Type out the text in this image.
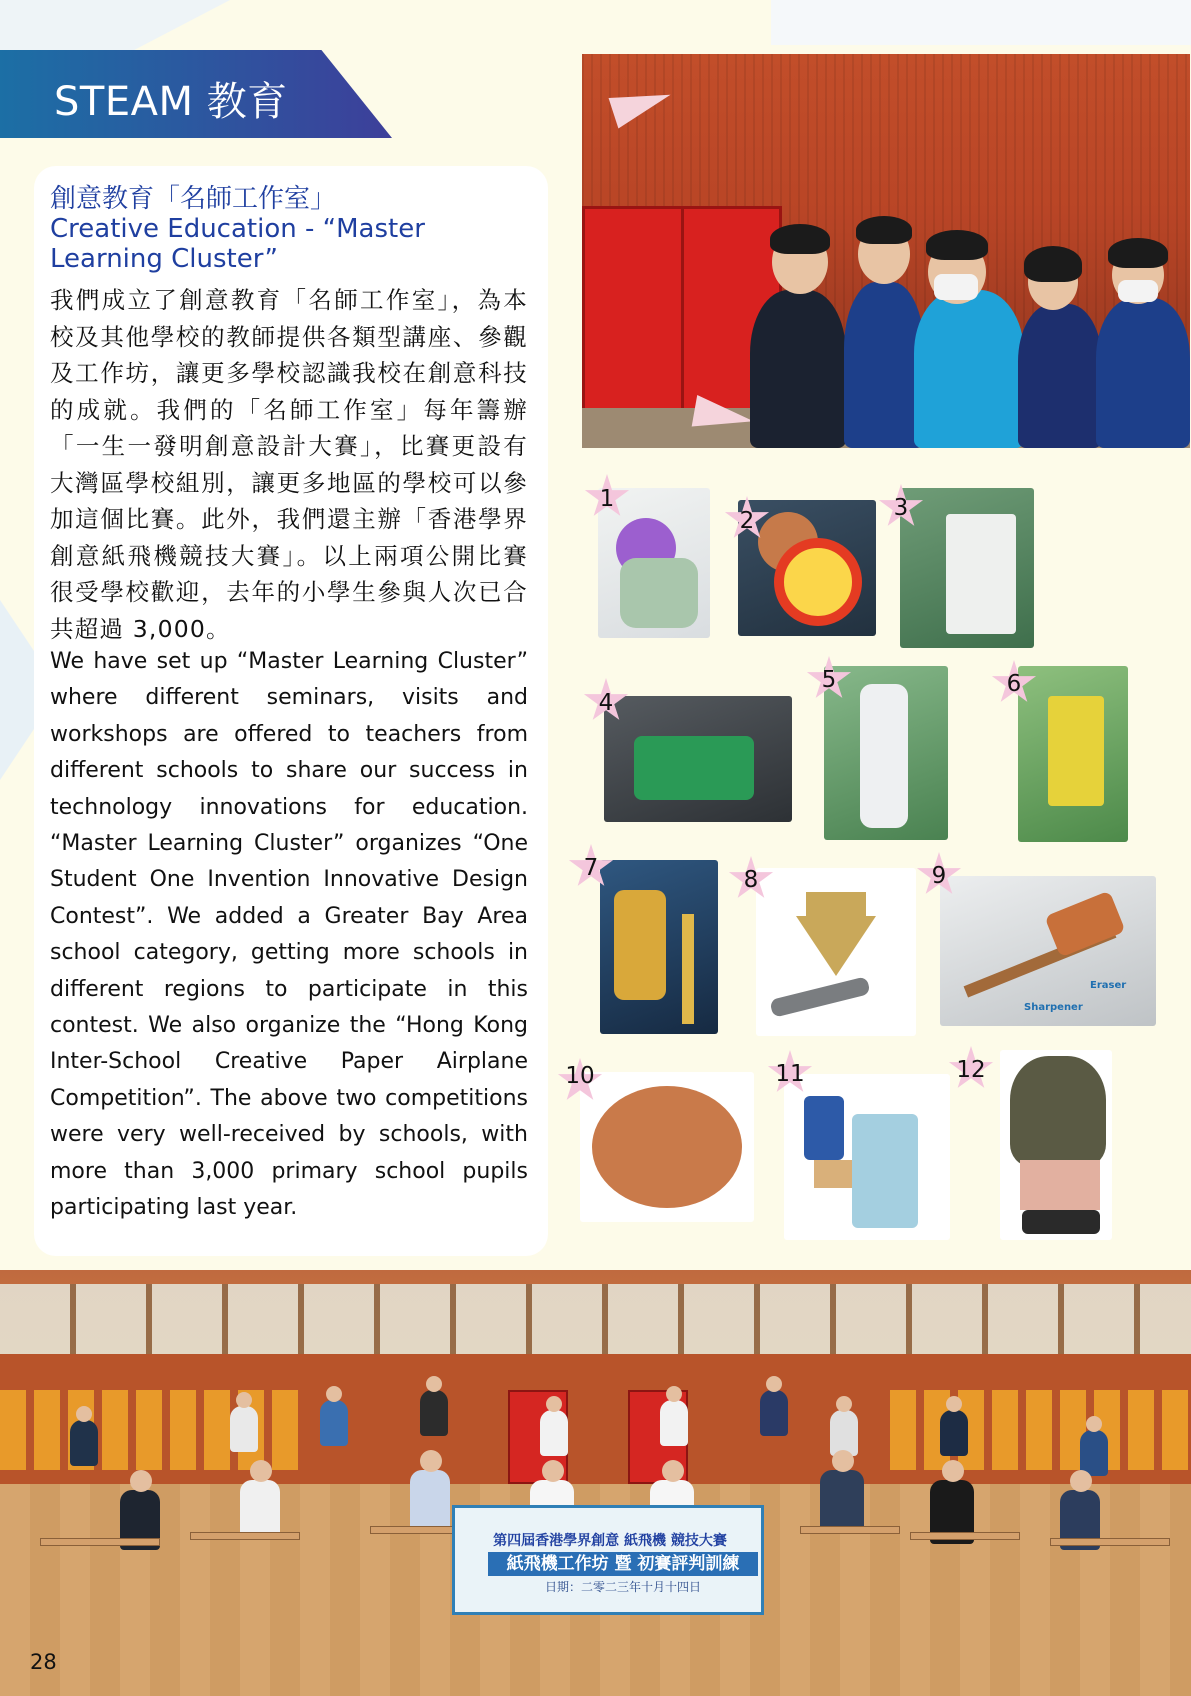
STEAM 教育
創意教育「名師工作室」
Creative Education - “Master Learning Cluster”
我們成立了創意教育「名師工作室」，為本校及其他學校的教師提供各類型講座、參觀及工作坊，讓更多學校認識我校在創意科技的成就。我們的「名師工作室」每年籌辦「一生一發明創意設計大賽」，比賽更設有大灣區學校組別，讓更多地區的學校可以參加這個比賽。此外，我們還主辦「香港學界創意紙飛機競技大賽」。以上兩項公開比賽很受學校歡迎，去年的小學生參與人次已合共超過 3,000。
We have set up “Master Learning Cluster” where different seminars, visits and workshops are offered to teachers from different schools to share our success in technology innovations for education. “Master Learning Cluster” organizes “One Student One Invention Innovative Design Contest”. We added a Greater Bay Area school category, getting more schools in different regions to participate in this contest. We also organize the “Hong Kong Inter-School Creative Paper Airplane Competition”. The above two competitions were very well-received by schools, with more than 3,000 primary school pupils participating last year.
1
2	3
4
5	6
7	8
Eraser
Sharpener
9
10	11	12
第四屆香港學界創意 紙飛機 競技大賽
紙飛機工作坊 暨 初賽評判訓練
日期：二零二三年十月十四日
28
